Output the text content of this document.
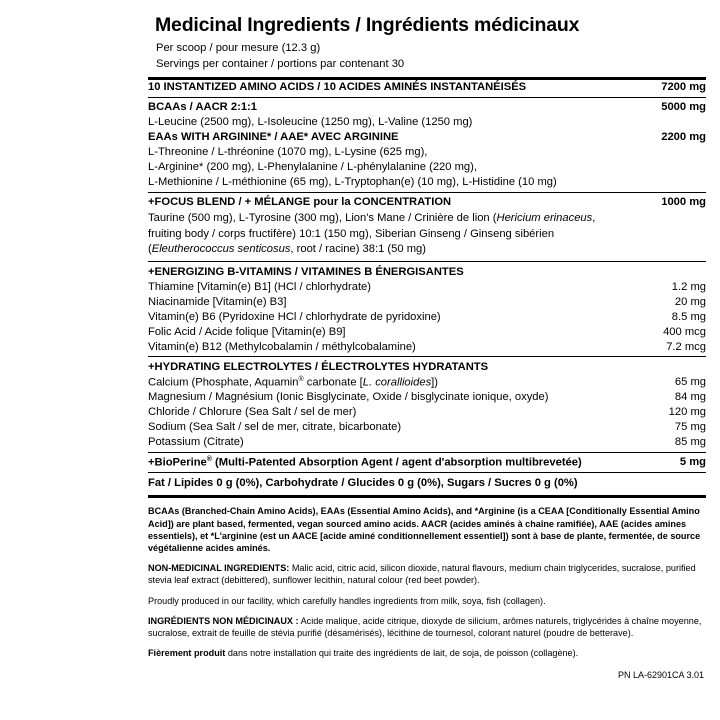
Medicinal Ingredients / Ingrédients médicinaux
Per scoop / pour mesure (12.3 g)
Servings per container / portions par contenant 30
10 INSTANTIZED AMINO ACIDS / 10 ACIDES AMINÉS INSTANTANÉISÉS	7200 mg

BCAAs / AACR 2:1:1	5000 mg
L-Leucine (2500 mg), L-Isoleucine (1250 mg), L-Valine (1250 mg)	
EAAs WITH ARGININE* / AAE* AVEC ARGININE	2200 mg
L-Threonine / L-thréonine (1070 mg), L-Lysine (625 mg),	
L-Arginine* (200 mg), L-Phenylalanine / L-phénylalanine (220 mg),	
L-Methionine / L-méthionine (65 mg), L-Tryptophan(e) (10 mg), L-Histidine (10 mg)	

+FOCUS BLEND / + MÉLANGE pour la CONCENTRATION	1000 mg
Taurine (500 mg), L-Tyrosine (300 mg), Lion's Mane / Crinière de lion (Hericium erinaceus, fruiting body / corps fructifère) 10:1 (150 mg), Siberian Ginseng / Ginseng sibérien (Eleutherococcus senticosus, root / racine) 38:1 (50 mg)	

+ENERGIZING B-VITAMINS / VITAMINES B ÉNERGISANTES	
Thiamine [Vitamin(e) B1] (HCl / chlorhydrate)	1.2 mg
Niacinamide [Vitamin(e) B3]	20 mg
Vitamin(e) B6 (Pyridoxine HCl / chlorhydrate de pyridoxine)	8.5 mg
Folic Acid / Acide folique [Vitamin(e) B9]	400 mcg
Vitamin(e) B12 (Methylcobalamin / méthylcobalamine)	7.2 mcg

+HYDRATING ELECTROLYTES / ÉLECTROLYTES HYDRATANTS	
Calcium (Phosphate, Aquamin® carbonate [L. corallioides])	65 mg
Magnesium / Magnésium (Ionic Bisglycinate, Oxide / bisglycinate ionique, oxyde)	84 mg
Chloride / Chlorure (Sea Salt / sel de mer)	120 mg
Sodium (Sea Salt / sel de mer, citrate, bicarbonate)	75 mg
Potassium (Citrate)	85 mg

+BioPerine® (Multi-Patented Absorption Agent / agent d'absorption multibrevetée)	5 mg

Fat / Lipides 0 g (0%), Carbohydrate / Glucides 0 g (0%), Sugars / Sucres 0 g (0%)	

BCAAs (Branched-Chain Amino Acids), EAAs (Essential Amino Acids), and *Arginine (is a CEAA [Conditionally Essential Amino Acid]) are plant based, fermented, vegan sourced amino acids. AACR (acides aminés à chaîne ramifiée), AAE (acides amines essentiels), et *L'arginine (est un AACE [acide aminé conditionnellement essentiel]) sont à base de plante, fermentée, de source végétalienne acides aminés.

NON-MEDICINAL INGREDIENTS: Malic acid, citric acid, silicon dioxide, natural flavours, medium chain triglycerides, sucralose, purified stevia leaf extract (debittered), sunflower lecithin, natural colour (red beet powder).

Proudly produced in our facility, which carefully handles ingredients from milk, soya, fish (collagen).

INGRÉDIENTS NON MÉDICINAUX : Acide malique, acide citrique, dioxyde de silicium, arômes naturels, triglycérides à chaîne moyenne, sucralose, extrait de feuille de stévia purifié (désamérisés), lécithine de tournesol, colorant naturel (poudre de betterave).

Fièrement produit dans notre installation qui traite des ingrédients de lait, de soja, de poisson (collagène).

PN LA-62901CA 3.01
